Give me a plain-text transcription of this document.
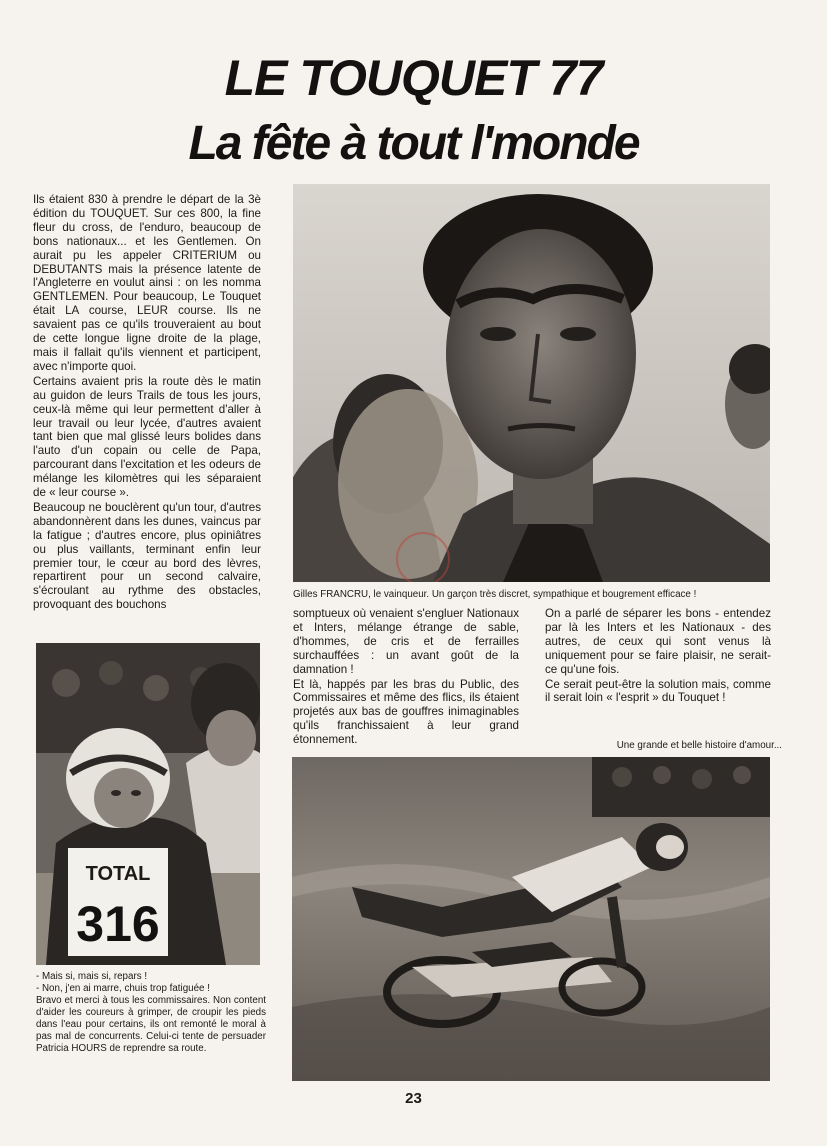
LE TOUQUET 77
La fête à tout l'monde

Ils étaient 830 à prendre le départ de la 3è édition du TOUQUET. Sur ces 800, la fine fleur du cross, de l'enduro, beaucoup de bons nationaux... et les Gentlemen. On aurait pu les appeler CRITERIUM ou DEBUTANTS mais la présence latente de l'Angleterre en voulut ainsi : on les nomma GENTLEMEN. Pour beaucoup, Le Touquet était LA course, LEUR course. Ils ne savaient pas ce qu'ils trouveraient au bout de cette longue ligne droite de la plage, mais il fallait qu'ils viennent et participent, avec n'importe quoi.

Certains avaient pris la route dès le matin au guidon de leurs Trails de tous les jours, ceux-là même qui leur permettent d'aller à leur travail ou leur lycée, d'autres avaient tant bien que mal glissé leurs bolides dans l'auto d'un copain ou celle de Papa, parcourant dans l'excitation et les odeurs de mélange les kilomètres qui les séparaient de « leur course ».

Beaucoup ne bouclèrent qu'un tour, d'autres abandonnèrent dans les dunes, vaincus par la fatigue ; d'autres encore, plus opiniâtres ou plus vaillants, terminant enfin leur premier tour, le cœur au bord des lèvres, repartirent pour un second calvaire, s'écroulant au rythme des obstacles, provoquant des bouchons

Gilles FRANCRU, le vainqueur. Un garçon très discret, sympathique et bougrement efficace !

somptueux où venaient s'engluer Nationaux et Inters, mélange étrange de sable, d'hommes, de cris et de ferrailles surchauffées : un avant goût de la damnation !

Et là, happés par les bras du Public, des Commissaires et même des flics, ils étaient projetés aux bas de gouffres inimaginables qu'ils franchissaient à leur grand étonnement.

On a parlé de séparer les bons - entendez par là les Inters et les Nationaux - des autres, de ceux qui sont venus là uniquement pour se faire plaisir, ne serait-ce qu'une fois.

Ce serait peut-être la solution mais, comme il serait loin « l'esprit » du Touquet !

Une grande et belle histoire d'amour...
TOTAL
316

- Mais si, mais si, repars !

- Non, j'en ai marre, chuis trop fatiguée !

Bravo et merci à tous les commissaires. Non content d'aider les coureurs à grimper, de croupir les pieds dans l'eau pour certains, ils ont remonté le moral à pas mal de concurrents. Celui-ci tente de persuader Patricia HOURS de reprendre sa route.

23
